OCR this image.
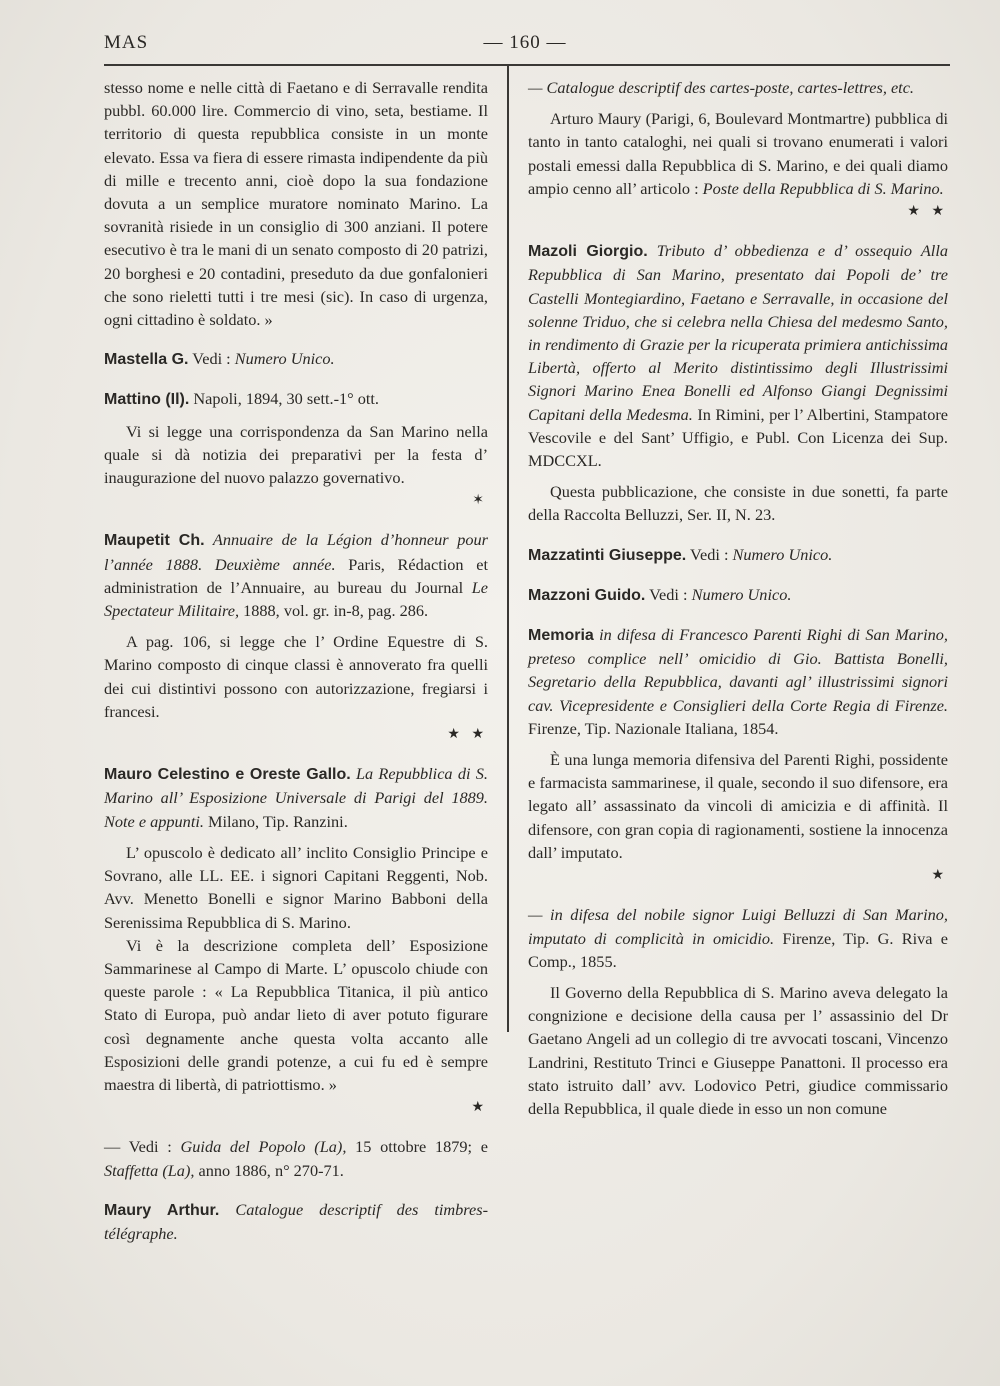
MAS	— 160 —

stesso nome e nelle città di Faetano e di Serravalle rendita pubbl. 60.000 lire. Commercio di vino, seta, bestiame. Il territorio di questa repubblica consiste in un monte elevato. Essa va fiera di essere rimasta indipendente da più di mille e trecento anni, cioè dopo la sua fondazione dovuta a un semplice muratore nominato Marino. La sovranità risiede in un consiglio di 300 anziani. Il potere esecutivo è tra le mani di un senato composto di 20 patrizi, 20 borghesi e 20 contadini, preseduto da due gonfalonieri che sono rieletti tutti i tre mesi (sic). In caso di urgenza, ogni cittadino è soldato. »

Mastella G. Vedi : Numero Unico.

Mattino (Il). Napoli, 1894, 30 sett.-1° ott.

Vi si legge una corrispondenza da San Marino nella quale si dà notizia dei preparativi per la festa d’ inaugurazione del nuovo palazzo governativo.

✶

Maupetit Ch. Annuaire de la Légion d’honneur pour l’année 1888. Deuxième année. Paris, Rédaction et administration de l’Annuaire, au bureau du Journal Le Spectateur Militaire, 1888, vol. gr. in-8, pag. 286.

A pag. 106, si legge che l’ Ordine Equestre di S. Marino composto di cinque classi è annoverato fra quelli dei cui distintivi possono con autorizzazione, fregiarsi i francesi.

★ ★

Mauro Celestino e Oreste Gallo. La Repubblica di S. Marino all’ Esposizione Universale di Parigi del 1889. Note e appunti. Milano, Tip. Ranzini.

L’ opuscolo è dedicato all’ inclito Consiglio Principe e Sovrano, alle LL. EE. i signori Capitani Reggenti, Nob. Avv. Menetto Bonelli e signor Marino Babboni della Serenissima Repubblica di S. Marino.

Vi è la descrizione completa dell’ Esposizione Sammarinese al Campo di Marte. L’ opuscolo chiude con queste parole : « La Repubblica Titanica, il più antico Stato di Europa, può andar lieto di aver potuto figurare così degnamente anche questa volta accanto alle Esposizioni delle grandi potenze, a cui fu ed è sempre maestra di libertà, di patriottismo. »

★

— Vedi : Guida del Popolo (La), 15 ottobre 1879; e Staffetta (La), anno 1886, n° 270-71.

Maury Arthur. Catalogue descriptif des timbres-télégraphe.

— Catalogue descriptif des cartes-poste, cartes-lettres, etc.

Arturo Maury (Parigi, 6, Boulevard Montmartre) pubblica di tanto in tanto cataloghi, nei quali si trovano enumerati i valori postali emessi dalla Repubblica di S. Marino, e dei quali diamo ampio cenno all’ articolo : Poste della Repubblica di S. Marino.

★ ★

Mazoli Giorgio. Tributo d’ obbedienza e d’ ossequio Alla Repubblica di San Marino, presentato dai Popoli de’ tre Castelli Montegiardino, Faetano e Serravalle, in occasione del solenne Triduo, che si celebra nella Chiesa del medesmo Santo, in rendimento di Grazie per la ricuperata primiera antichissima Libertà, offerto al Merito distintissimo degli Illustrissimi Signori Marino Enea Bonelli ed Alfonso Giangi Degnissimi Capitani della Medesma. In Rimini, per l’ Albertini, Stampatore Vescovile e del Sant’ Uffigio, e Publ. Con Licenza dei Sup. MDCCXL.

Questa pubblicazione, che consiste in due sonetti, fa parte della Raccolta Belluzzi, Ser. II, N. 23.

Mazzatinti Giuseppe. Vedi : Numero Unico.

Mazzoni Guido. Vedi : Numero Unico.

Memoria in difesa di Francesco Parenti Righi di San Marino, preteso complice nell’ omicidio di Gio. Battista Bonelli, Segretario della Repubblica, davanti agl’ illustrissimi signori cav. Vicepresidente e Consiglieri della Corte Regia di Firenze. Firenze, Tip. Nazionale Italiana, 1854.

È una lunga memoria difensiva del Parenti Righi, possidente e farmacista sammarinese, il quale, secondo il suo difensore, era legato all’ assassinato da vincoli di amicizia e di affinità. Il difensore, con gran copia di ragionamenti, sostiene la innocenza dall’ imputato.

★

— in difesa del nobile signor Luigi Belluzzi di San Marino, imputato di complicità in omicidio. Firenze, Tip. G. Riva e Comp., 1855.

Il Governo della Repubblica di S. Marino aveva delegato la congnizione e decisione della causa per l’ assassinio del Dr Gaetano Angeli ad un collegio di tre avvocati toscani, Vincenzo Landrini, Restituto Trinci e Giuseppe Panattoni. Il processo era stato istruito dall’ avv. Lodovico Petri, giudice commissario della Repubblica, il quale diede in esso un non comune
